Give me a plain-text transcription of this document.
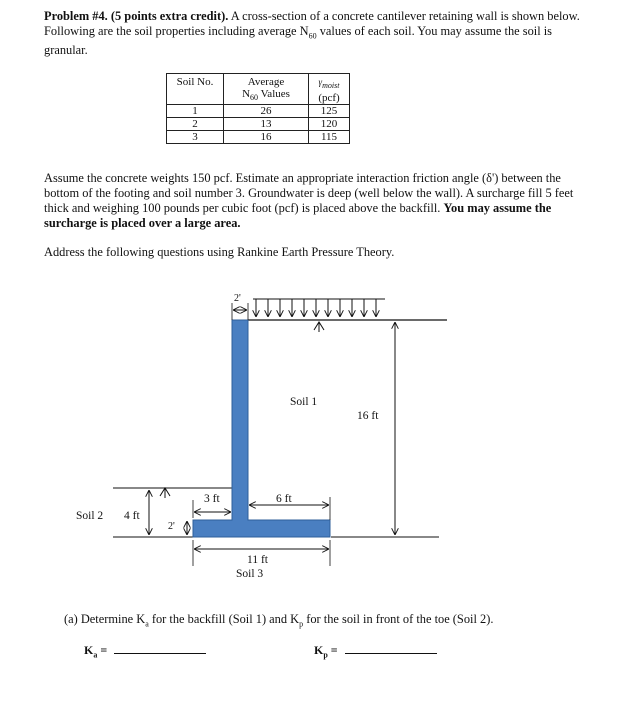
Problem #4. (5 points extra credit). A cross-section of a concrete cantilever retaining wall is shown below. Following are the soil properties including average $N_{60}$ values of each soil. You may assume the soil is granular.
Soil No.	Average
$N_{60}$ Values	$\gamma_{moist}$
(pcf)
1	26	125
2	13	120
3	16	115
Assume the concrete weights 150 pcf. Estimate an appropriate interaction friction angle (δ') between the bottom of the footing and soil number 3. Groundwater is deep (well below the wall). A surcharge fill 5 feet thick and weighing 100 pounds per cubic foot (pcf) is placed above the backfill. You may assume the surcharge is placed over a large area.
Address the following questions using Rankine Earth Pressure Theory.
2'
Soil 1
16 ft
3 ft	6 ft
Soil 2 4 ft
2'
11 ft
Soil 3
(a) Determine $K_a$ for the backfill (Soil 1) and $K_p$ for the soil in front of the toe (Soil 2).
$K_a$ =	$K_p$ =
